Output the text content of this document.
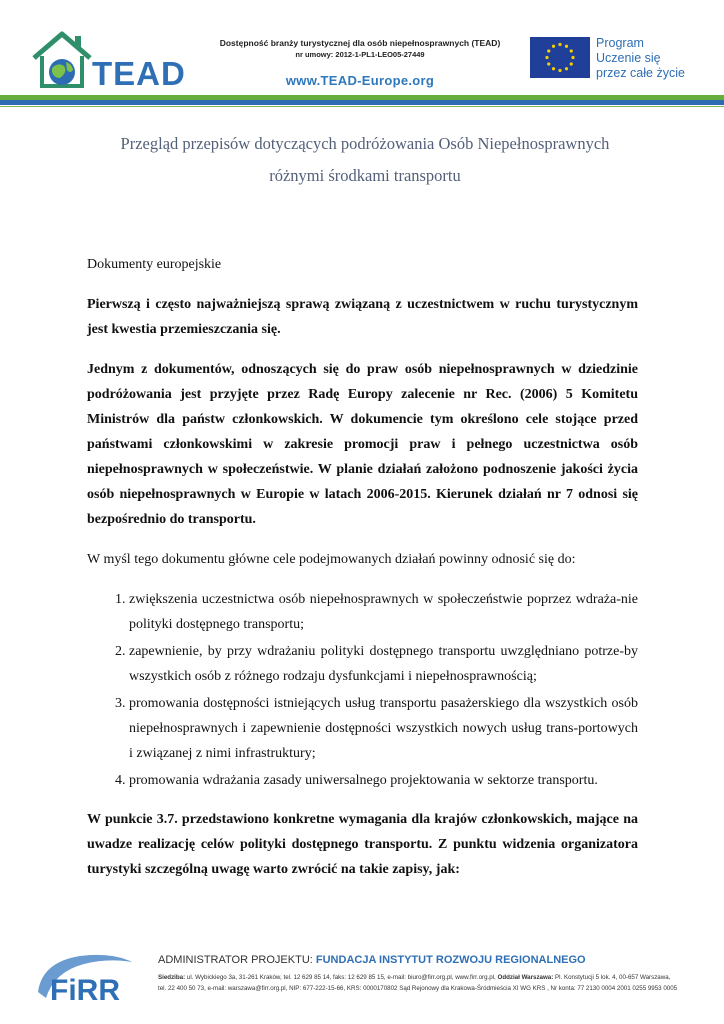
TEAD
Dostępność branży turystycznej dla osób niepełnosprawnych (TEAD)
nr umowy: 2012-1-PL1-LEO05-27449
www.TEAD-Europe.org
Program
Uczenie się
przez całe życie
Przegląd przepisów dotyczących podróżowania Osób Niepełnosprawnych
różnymi środkami transportu

Dokumenty europejskie

Pierwszą i często najważniejszą sprawą związaną z uczestnictwem w ruchu turystycznym jest kwestia przemieszczania się.

Jednym z dokumentów, odnoszących się do praw osób niepełnosprawnych w dziedzinie podróżowania jest przyjęte przez Radę Europy zalecenie nr Rec. (2006) 5 Komitetu Ministrów dla państw członkowskich. W dokumencie tym określono cele stojące przed państwami członkowskimi w zakresie promocji praw i pełnego uczestnictwa osób niepełnosprawnych w społeczeństwie. W planie działań założono podnoszenie jakości życia osób niepełnosprawnych w Europie w latach 2006-2015. Kierunek działań nr 7 odnosi się bezpośrednio do transportu.

W myśl tego dokumentu główne cele podejmowanych działań powinny odnosić się do:

1. zwiększenia uczestnictwa osób niepełnosprawnych w społeczeństwie poprzez wdraża-nie polityki dostępnego transportu;
2. zapewnienie, by przy wdrażaniu polityki dostępnego transportu uwzględniano potrze-by wszystkich osób z różnego rodzaju dysfunkcjami i niepełnosprawnością;
3. promowania dostępności istniejących usług transportu pasażerskiego dla wszystkich osób niepełnosprawnych i zapewnienie dostępności wszystkich nowych usług trans-portowych i związanej z nimi infrastruktury;
4. promowania wdrażania zasady uniwersalnego projektowania w sektorze transportu.

W punkcie 3.7. przedstawiono konkretne wymagania dla krajów członkowskich, mające na uwadze realizację celów polityki dostępnego transportu. Z punktu widzenia organizatora turystyki szczególną uwagę warto zwrócić na takie zapisy, jak:

FiRR
ADMINISTRATOR PROJEKTU: FUNDACJA INSTYTUT ROZWOJU REGIONALNEGO
Siedziba: ul. Wybickiego 3a, 31-261 Kraków, tel. 12 629 85 14, faks: 12 629 85 15, e-mail: biuro@firr.org.pl, www.firr.org.pl, Oddział Warszawa: Pl. Konstytucji 5 lok. 4, 00-657 Warszawa,
tel. 22 400 50 73, e-mail: warszawa@firr.org.pl, NIP: 677-222-15-66, KRS: 0000170802 Sąd Rejonowy dla Krakowa-Śródmieścia XI WG KRS , Nr konta: 77 2130 0004 2001 0255 9953 0005
